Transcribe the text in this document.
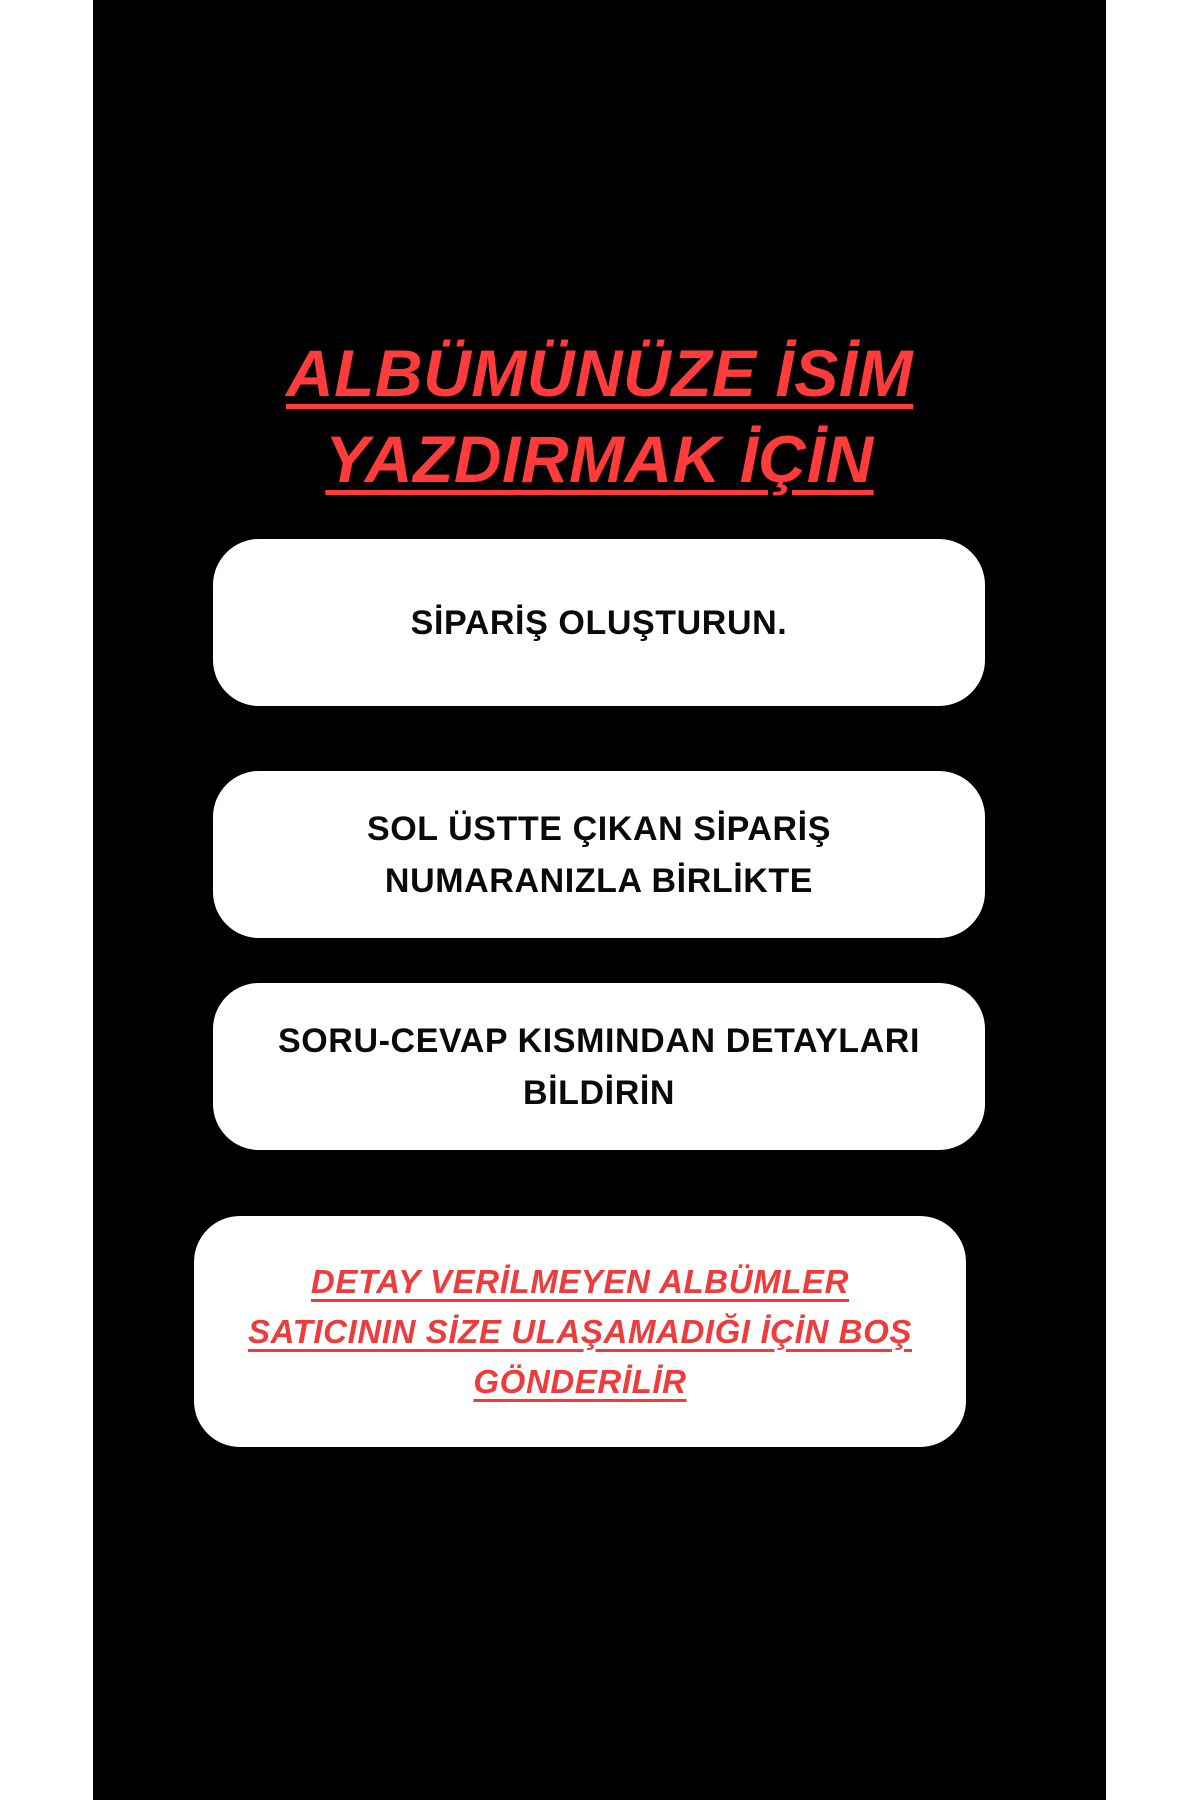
ALBÜMÜNÜZE İSİM
YAZDIRMAK İÇİN
SİPARİŞ OLUŞTURUN.
SOL ÜSTTE ÇIKAN SİPARİŞ
NUMARANIZLA BİRLİKTE
SORU-CEVAP KISMINDAN DETAYLARI
BİLDİRİN
DETAY VERİLMEYEN ALBÜMLER
SATICININ SİZE ULAŞAMADIĞI İÇİN BOŞ
GÖNDERİLİR
